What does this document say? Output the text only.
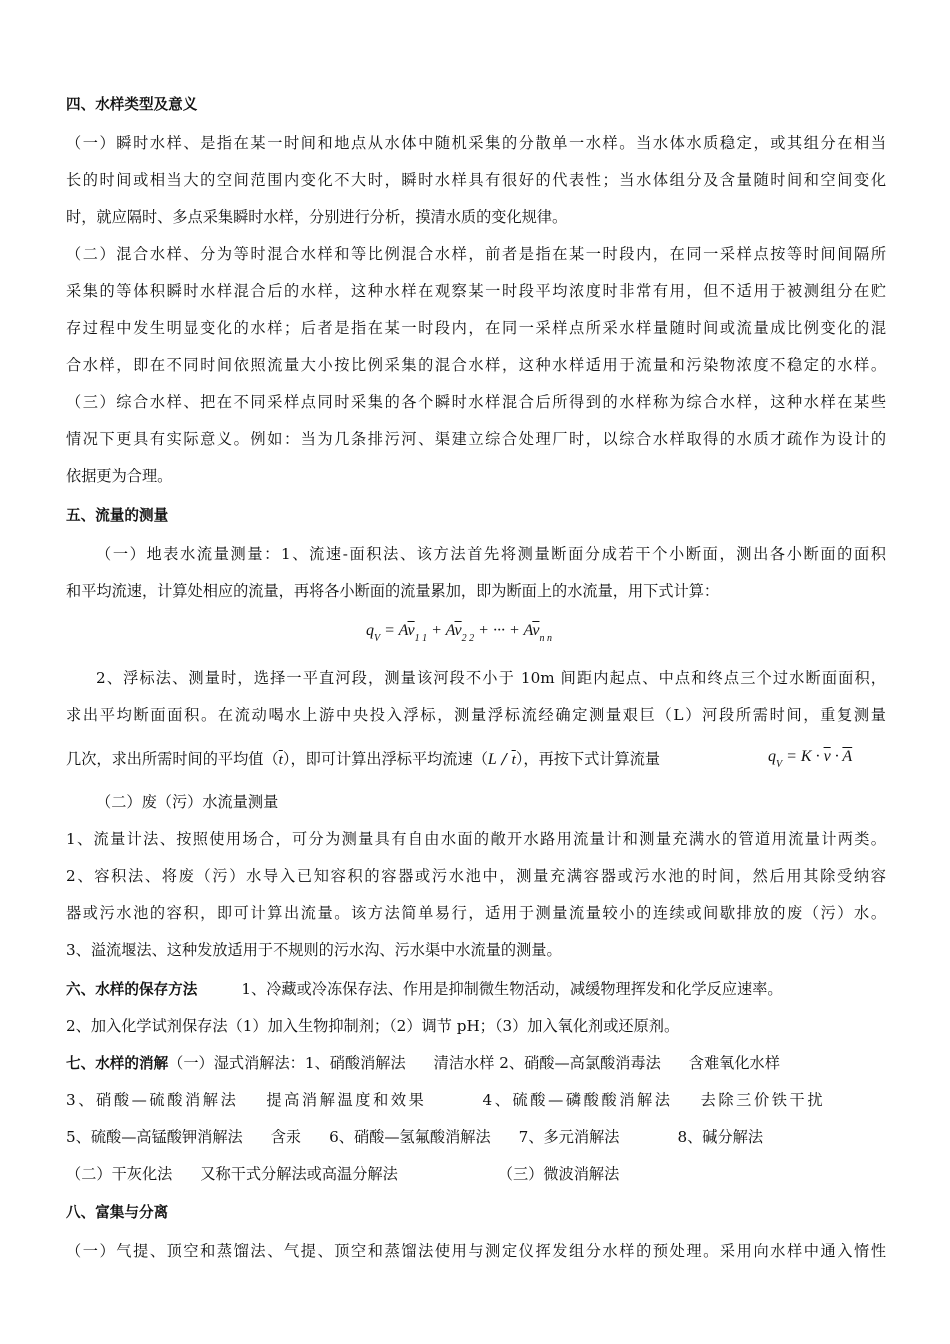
四、水样类型及意义
（一）瞬时水样、是指在某一时间和地点从水体中随机采集的分散单一水样。当水体水质稳定，或其组分在相当
长的时间或相当大的空间范围内变化不大时，瞬时水样具有很好的代表性；当水体组分及含量随时间和空间变化
时，就应隔时、多点采集瞬时水样，分别进行分析，摸清水质的变化规律。
（二）混合水样、分为等时混合水样和等比例混合水样，前者是指在某一时段内，在同一采样点按等时间间隔所
采集的等体积瞬时水样混合后的水样，这种水样在观察某一时段平均浓度时非常有用，但不适用于被测组分在贮
存过程中发生明显变化的水样；后者是指在某一时段内，在同一采样点所采水样量随时间或流量成比例变化的混
合水样，即在不同时间依照流量大小按比例采集的混合水样，这种水样适用于流量和污染物浓度不稳定的水样。
（三）综合水样、把在不同采样点同时采集的各个瞬时水样混合后所得到的水样称为综合水样，这种水样在某些
情况下更具有实际意义。例如：当为几条排污河、渠建立综合处理厂时，以综合水样取得的水质才疏作为设计的
依据更为合理。
五、流量的测量
（一）地表水流量测量：1、流速-面积法、该方法首先将测量断面分成若干个小断面，测出各小断面的面积
和平均流速，计算处相应的流量，再将各小断面的流量累加，即为断面上的水流量，用下式计算：
$q_V = A\overline{v}_{1 1} + A\overline{v}_{2 2}$ + ··· + $A\overline{v}_{n n}$
2、浮标法、测量时，选择一平直河段，测量该河段不小于 10m 间距内起点、中点和终点三个过水断面面积，
求出平均断面面积。在流动喝水上游中央投入浮标，测量浮标流经确定测量艰巨（L）河段所需时间，重复测量
几次，求出所需时间的平均值$(\overline{t})$，即可计算出浮标平均流速$(L / \overline{t})$，再按下式计算流量	$q_V = K \cdot \overline{v} \cdot \overline{A}$
（二）废（污）水流量测量
1、流量计法、按照使用场合，可分为测量具有自由水面的敞开水路用流量计和测量充满水的管道用流量计两类。
2、容积法、将废（污）水导入已知容积的容器或污水池中，测量充满容器或污水池的时间，然后用其除受纳容
器或污水池的容积，即可计算出流量。该方法简单易行，适用于测量流量较小的连续或间歇排放的废（污）水。
3、溢流堰法、这种发放适用于不规则的污水沟、污水渠中水流量的测量。
六、水样的保存方法	1、冷藏或冷冻保存法、作用是抑制微生物活动，减缓物理挥发和化学反应速率。
2、加入化学试剂保存法（1）加入生物抑制剂；（2）调节 pH；（3）加入氧化剂或还原剂。
七、水样的消解（一）湿式消解法：1、硝酸消解法 清洁水样 2、硝酸—高氯酸消毒法 含难氧化水样
3、硝酸—硫酸消解法 提高消解温度和效果	4、硫酸—磷酸酸消解法 去除三价铁干扰
5、硫酸—高锰酸钾消解法 含汞 6、硝酸—氢氟酸消解法 7、多元消解法	8、碱分解法
（二）干灰化法 又称干式分解法或高温分解法	（三）微波消解法
八、富集与分离
（一）气提、顶空和蒸馏法、气提、顶空和蒸馏法使用与测定仪挥发组分水样的预处理。采用向水样中通入惰性
